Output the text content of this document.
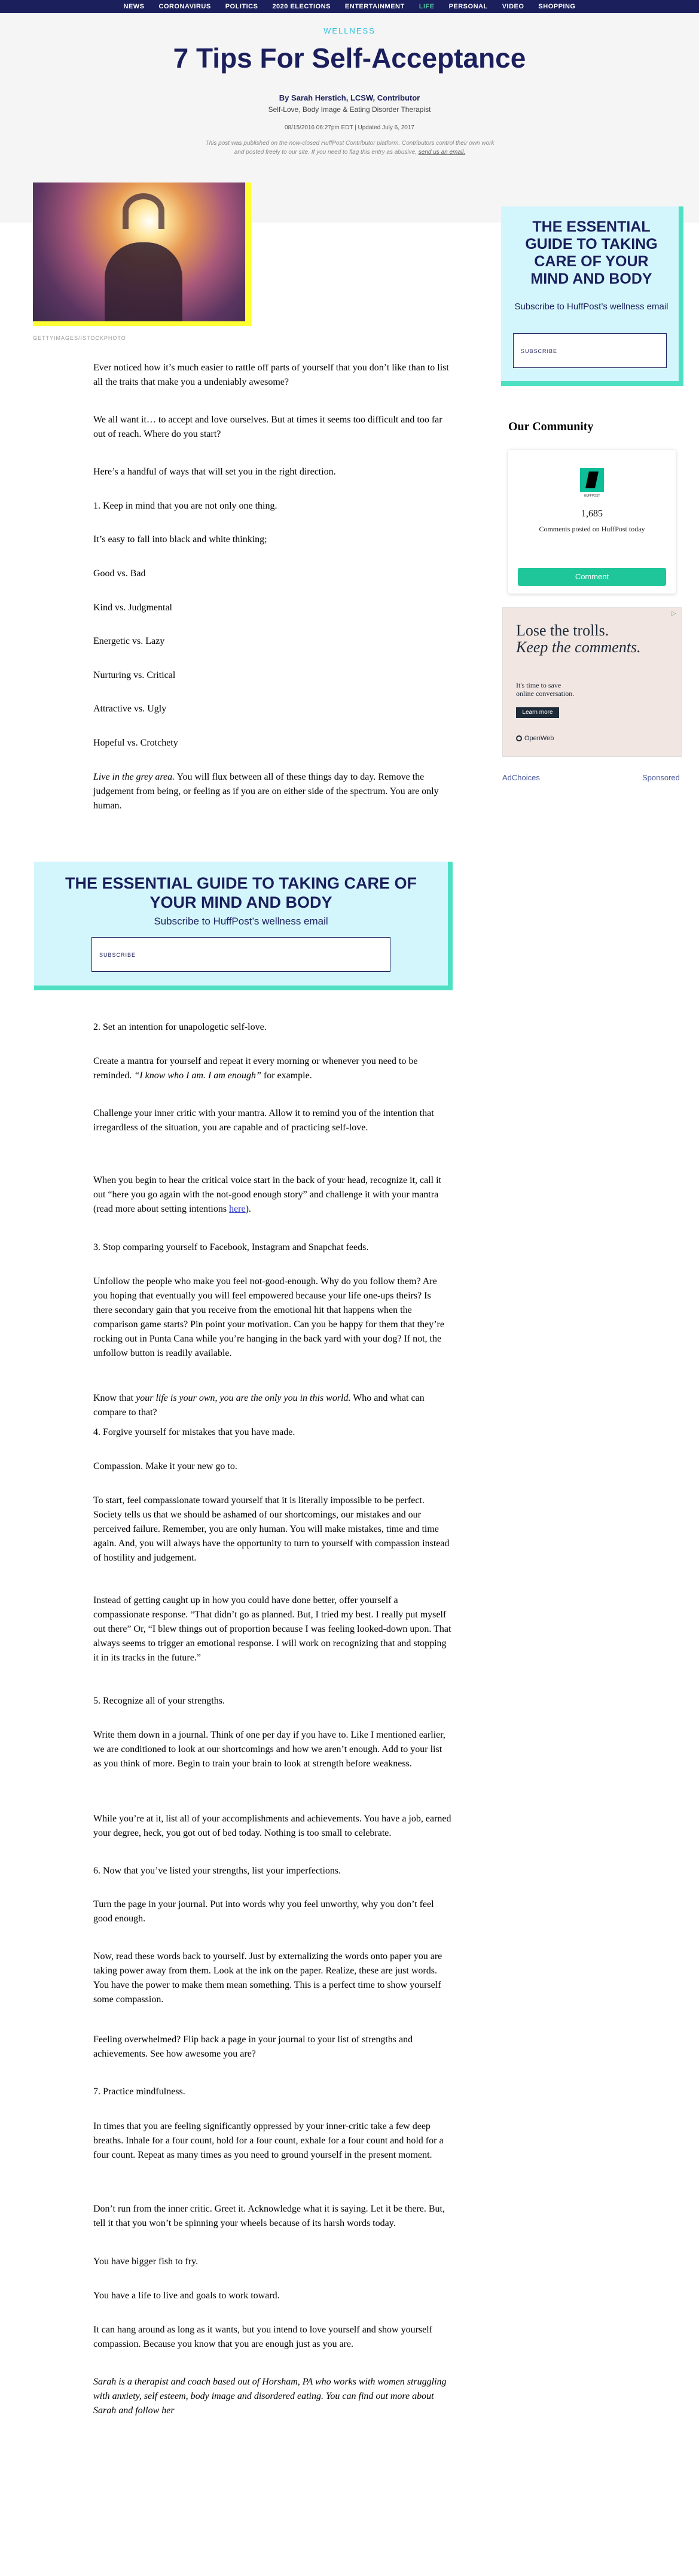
NEWS CORONAVIRUS POLITICS 2020 ELECTIONS ENTERTAINMENT LIFE PERSONAL VIDEO SHOPPING
WELLNESS
7 Tips For Self-Acceptance
By Sarah Herstich, LCSW, Contributor
Self-Love, Body Image & Eating Disorder Therapist
08/15/2016 06:27pm EDT | Updated July 6, 2017
This post was published on the now-closed HuffPost Contributor platform. Contributors control their own work
and posted freely to our site. If you need to flag this entry as abusive, send us an email.
GETTYIMAGES/ISTOCKPHOTO

Ever noticed how it’s much easier to rattle off parts of yourself that you don’t like than to list all the traits that make you a undeniably awesome?

We all want it… to accept and love ourselves. But at times it seems too difficult and too far out of reach. Where do you start?

Here’s a handful of ways that will set you in the right direction.

1. Keep in mind that you are not only one thing.

It’s easy to fall into black and white thinking;

Good vs. Bad

Kind vs. Judgmental

Energetic vs. Lazy

Nurturing vs. Critical

Attractive vs. Ugly

Hopeful vs. Crotchety

Live in the grey area. You will flux between all of these things day to day. Remove the judgement from being, or feeling as if you are on either side of the spectrum. You are only human.

2. Set an intention for unapologetic self-love.

Create a mantra for yourself and repeat it every morning or whenever you need to be reminded. “I know who I am. I am enough” for example.

Challenge your inner critic with your mantra. Allow it to remind you of the intention that irregardless of the situation, you are capable and of practicing self-love.

When you begin to hear the critical voice start in the back of your head, recognize it, call it out “here you go again with the not-good enough story” and challenge it with your mantra (read more about setting intentions here).

3. Stop comparing yourself to Facebook, Instagram and Snapchat feeds.

Unfollow the people who make you feel not-good-enough. Why do you follow them? Are you hoping that eventually you will feel empowered because your life one-ups theirs? Is there secondary gain that you receive from the emotional hit that happens when the comparison game starts? Pin point your motivation. Can you be happy for them that they’re rocking out in Punta Cana while you’re hanging in the back yard with your dog? If not, the unfollow button is readily available.

Know that your life is your own, you are the only you in this world. Who and what can compare to that?

4. Forgive yourself for mistakes that you have made.

Compassion. Make it your new go to.

To start, feel compassionate toward yourself that it is literally impossible to be perfect. Society tells us that we should be ashamed of our shortcomings, our mistakes and our perceived failure. Remember, you are only human. You will make mistakes, time and time again. And, you will always have the opportunity to turn to yourself with compassion instead of hostility and judgement.

Instead of getting caught up in how you could have done better, offer yourself a compassionate response. “That didn’t go as planned. But, I tried my best. I really put myself out there” Or, “I blew things out of proportion because I was feeling looked-down upon. That always seems to trigger an emotional response. I will work on recognizing that and stopping it in its tracks in the future.”

5. Recognize all of your strengths.

Write them down in a journal. Think of one per day if you have to. Like I mentioned earlier, we are conditioned to look at our shortcomings and how we aren’t enough. Add to your list as you think of more. Begin to train your brain to look at strength before weakness.

While you’re at it, list all of your accomplishments and achievements. You have a job, earned your degree, heck, you got out of bed today. Nothing is too small to celebrate.

6. Now that you’ve listed your strengths, list your imperfections.

Turn the page in your journal. Put into words why you feel unworthy, why you don’t feel good enough.

Now, read these words back to yourself. Just by externalizing the words onto paper you are taking power away from them. Look at the ink on the paper. Realize, these are just words. You have the power to make them mean something. This is a perfect time to show yourself some compassion.

Feeling overwhelmed? Flip back a page in your journal to your list of strengths and achievements. See how awesome you are?

7. Practice mindfulness.

In times that you are feeling significantly oppressed by your inner-critic take a few deep breaths. Inhale for a four count, hold for a four count, exhale for a four count and hold for a four count. Repeat as many times as you need to ground yourself in the present moment.

Don’t run from the inner critic. Greet it. Acknowledge what it is saying. Let it be there. But, tell it that you won’t be spinning your wheels because of its harsh words today.

You have bigger fish to fry.

You have a life to live and goals to work toward.

It can hang around as long as it wants, but you intend to love yourself and show yourself compassion. Because you know that you are enough just as you are.

Sarah is a therapist and coach based out of Horsham, PA who works with women struggling with anxiety, self esteem, body image and disordered eating. You can find out more about Sarah and follow her

THE ESSENTIAL GUIDE TO TAKING CARE OF
YOUR MIND AND BODY
Subscribe to HuffPost’s wellness email
SUBSCRIBE
THE ESSENTIAL GUIDE TO TAKING CARE OF YOUR MIND AND BODY
Subscribe to HuffPost’s wellness email
SUBSCRIBE
Our Community
HUFFPOST
1,685
Comments posted on HuffPost today
Comment
▷
Lose the trolls.
Keep the comments.
It's time to save
online conversation.
Learn more
OpenWeb
AdChoices	Sponsored
